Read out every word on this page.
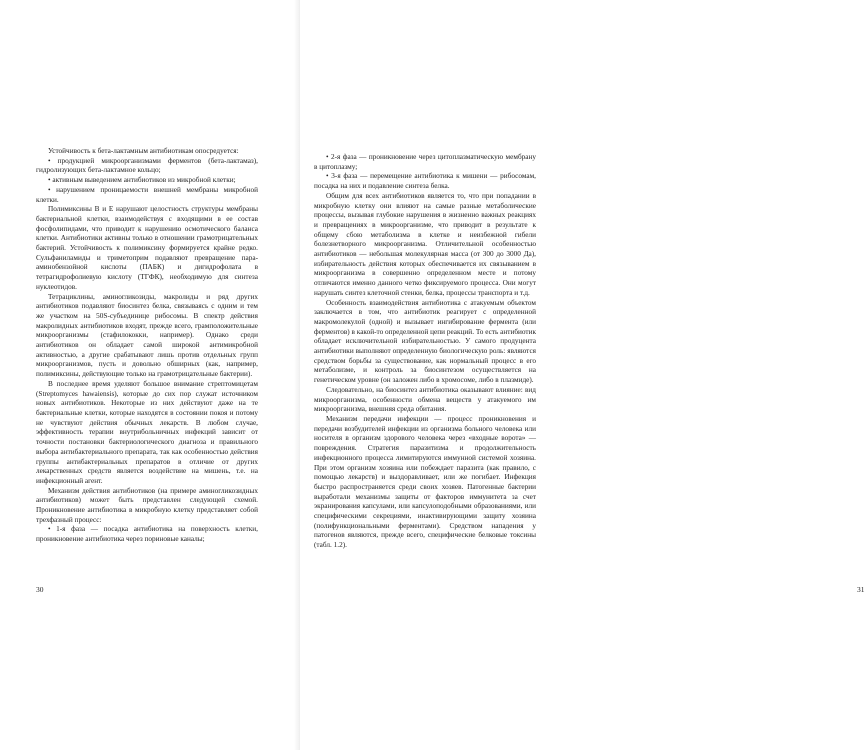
Устойчивость к бета-лактамным антибиотикам опосредуется:

• продукцией микроорганизмами ферментов (бета-лактамаз), гидролизующих бета-лактамное кольцо;

• активным выведением антибиотиков из микробной клетки;

• нарушением проницаемости внешней мембраны микробной клетки.

Полимиксины В и Е нарушают целостность структуры мембраны бактериальной клетки, взаимодействуя с входящими в ее состав фосфолипидами, что приводит к нарушению осмотического баланса клетки. Антибиотики активны только в отношении грамотрицательных бактерий. Устойчивость к полимиксину формируется крайне редко. Сульфаниламиды и триметоприм подавляют превращение пара-аминобензойной кислоты (ПАБК) и дигидрофолата в тетрагидрофолиевую кислоту (ТГФК), необходимую для синтеза нуклеотидов.

Тетрациклины, аминогликозиды, макролиды и ряд других антибиотиков подавляют биосинтез белка, связываясь с одним и тем же участком на 50S-субъединице рибосомы. В спектр действия макролидных антибиотиков входят, прежде всего, грамположительные микроорганизмы (стафилококки, например). Однако среди антибиотиков он обладает самой широкой антимикробной активностью, а другие срабатывают лишь против отдельных групп микроорганизмов, пусть и довольно обширных (как, например, полимиксины, действующие только на грамотрицательные бактерии).

В последнее время уделяют большое внимание стрептомицетам (Streptomyces hawaiensis), которые до сих пор служат источником новых антибиотиков. Некоторые из них действуют даже на те бактериальные клетки, которые находятся в состоянии покоя и потому не чувствуют действия обычных лекарств. В любом случае, эффективность терапии внутрибольничных инфекций зависит от точности постановки бактериологического диагноза и правильного выбора антибактериального препарата, так как особенностью действия группы антибактериальных препаратов в отличие от других лекарственных средств является воздействие на мишень, т.е. на инфекционный агент.

Механизм действия антибиотиков (на примере аминогликозидных антибиотиков) может быть представлен следующей схемой. Проникновение антибиотика в микробную клетку представляет собой трехфазный процесс:

• 1-я фаза — посадка антибиотика на поверхность клетки, проникновение антибиотика через пориновые каналы;

30

• 2-я фаза — проникновение через цитоплазматическую мембрану в цитоплазму;

• 3-я фаза — перемещение антибиотика к мишени — рибосомам, посадка на них и подавление синтеза белка.

Общим для всех антибиотиков является то, что при попадании в микробную клетку они влияют на самые разные метаболические процессы, вызывая глубокие нарушения в жизненно важных реакциях и превращениях в микроорганизме, что приводит в результате к общему сбою метаболизма в клетке и неизбежной гибели болезнетворного микроорганизма. Отличительной особенностью антибиотиков — небольшая молекулярная масса (от 300 до 3000 Да), избирательность действия которых обеспечивается их связыванием в микроорганизма в совершенно определенном месте и потому отличаются именно данного четко фиксируемого процесса. Они могут нарушать синтез клеточной стенки, белка, процессы транспорта и т.д.

Особенность взаимодействия антибиотика с атакуемым объектом заключается в том, что антибиотик реагирует с определенной макромолекулой (одной) и вызывает ингибирование фермента (или ферментов) в какой-то определенной цепи реакций. То есть антибиотик обладает исключительной избирательностью. У самого продуцента антибиотики выполняют определенную биологическую роль: являются средством борьбы за существование, как нормальный процесс в его метаболизме, и контроль за биосинтезом осуществляется на генетическом уровне (он заложен либо в хромосоме, либо в плазмиде).

Следовательно, на биосинтез антибиотика оказывают влияние: вид микроорганизма, особенности обмена веществ у атакуемого им микроорганизма, внешняя среда обитания.

Механизм передачи инфекции — процесс проникновения и передачи возбудителей инфекции из организма больного человека или носителя в организм здорового человека через «входные ворота» — повреждения. Стратегия паразитизма и продолжительность инфекционного процесса лимитируются иммунной системой хозяина. При этом организм хозяина или побеждает паразита (как правило, с помощью лекарств) и выздоравливает, или же погибает. Инфекция быстро распространяется среди своих хозяев. Патогенные бактерии выработали механизмы защиты от факторов иммунитета за счет экранирования капсулами, или капсулоподобными образованиями, или специфическими секрециями, инактивирующими защиту хозяина (полифункциональными ферментами). Средством нападения у патогенов являются, прежде всего, специфические белковые токсины (табл. 1.2).

31
